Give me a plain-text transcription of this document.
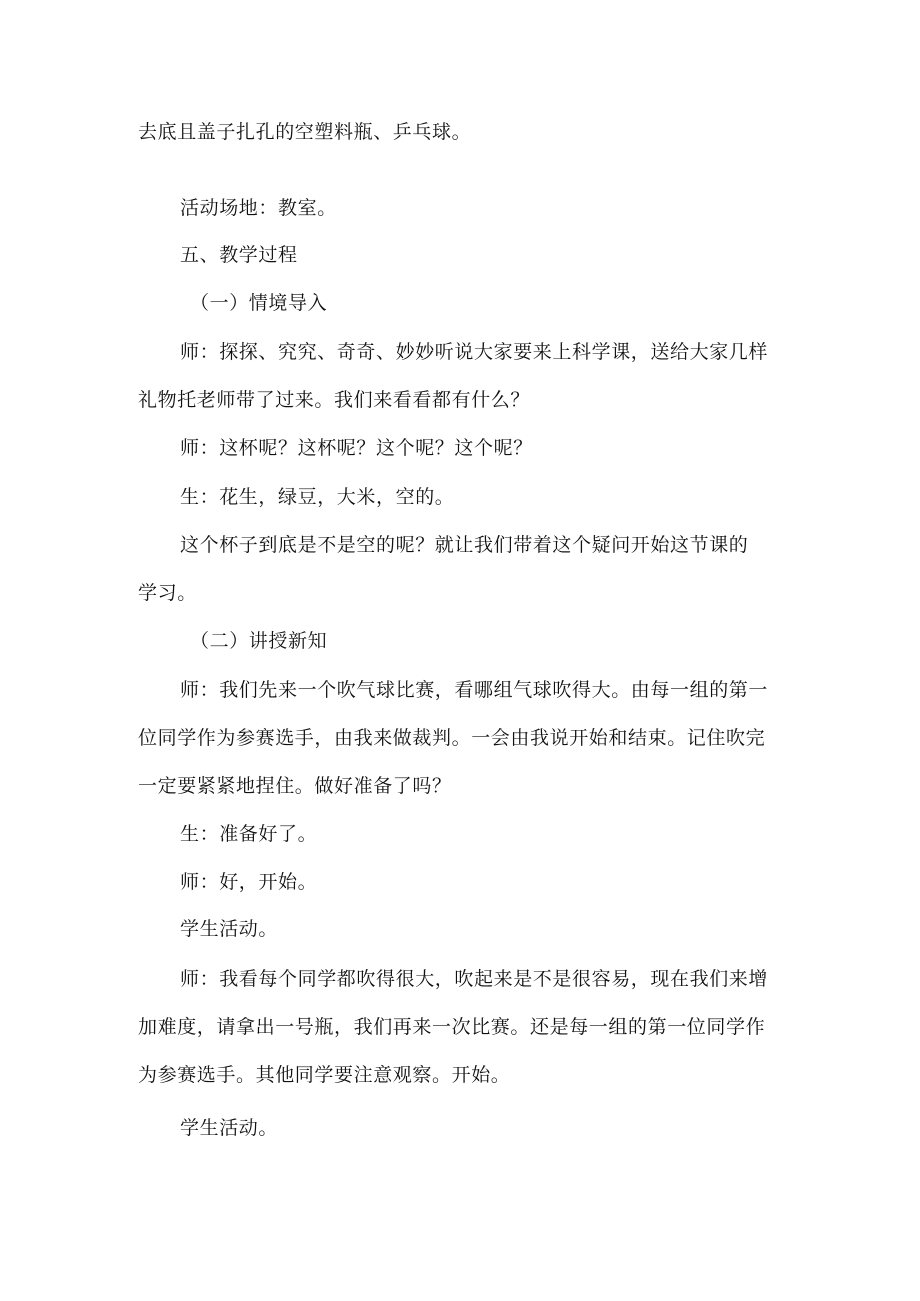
去底且盖子扎孔的空塑料瓶、乒乓球。
活动场地：教室。
五、教学过程
（一）情境导入
师：探探、究究、奇奇、妙妙听说大家要来上科学课，送给大家几样
礼物托老师带了过来。我们来看看都有什么？
师：这杯呢？这杯呢？这个呢？这个呢？
生：花生，绿豆，大米，空的。
这个杯子到底是不是空的呢？就让我们带着这个疑问开始这节课的
学习。
（二）讲授新知
师：我们先来一个吹气球比赛，看哪组气球吹得大。由每一组的第一
位同学作为参赛选手，由我来做裁判。一会由我说开始和结束。记住吹完
一定要紧紧地捏住。做好准备了吗？
生：准备好了。
师：好，开始。
学生活动。
师：我看每个同学都吹得很大，吹起来是不是很容易，现在我们来增
加难度，请拿出一号瓶，我们再来一次比赛。还是每一组的第一位同学作
为参赛选手。其他同学要注意观察。开始。
学生活动。
